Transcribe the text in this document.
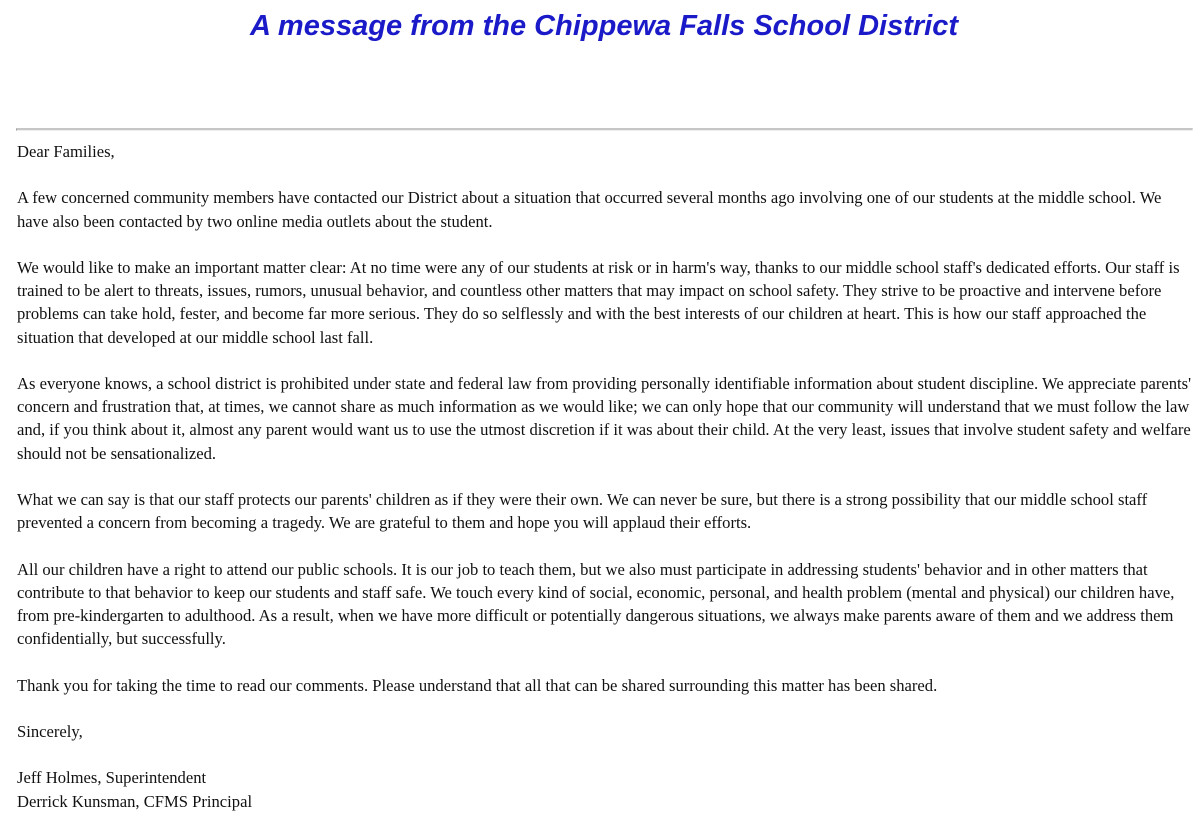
A message from the Chippewa Falls School District

Dear Families,

A few concerned community members have contacted our District about a situation that occurred several months ago involving one of our students at the middle school. We have also been contacted by two online media outlets about the student.

We would like to make an important matter clear: At no time were any of our students at risk or in harm's way, thanks to our middle school staff's dedicated efforts. Our staff is trained to be alert to threats, issues, rumors, unusual behavior, and countless other matters that may impact on school safety. They strive to be proactive and intervene before problems can take hold, fester, and become far more serious. They do so selflessly and with the best interests of our children at heart. This is how our staff approached the situation that developed at our middle school last fall.

As everyone knows, a school district is prohibited under state and federal law from providing personally identifiable information about student discipline. We appreciate parents' concern and frustration that, at times, we cannot share as much information as we would like; we can only hope that our community will understand that we must follow the law and, if you think about it, almost any parent would want us to use the utmost discretion if it was about their child. At the very least, issues that involve student safety and welfare should not be sensationalized.

What we can say is that our staff protects our parents' children as if they were their own. We can never be sure, but there is a strong possibility that our middle school staff prevented a concern from becoming a tragedy. We are grateful to them and hope you will applaud their efforts.

All our children have a right to attend our public schools. It is our job to teach them, but we also must participate in addressing students' behavior and in other matters that contribute to that behavior to keep our students and staff safe. We touch every kind of social, economic, personal, and health problem (mental and physical) our children have, from pre-kindergarten to adulthood. As a result, when we have more difficult or potentially dangerous situations, we always make parents aware of them and we address them confidentially, but successfully.

Thank you for taking the time to read our comments. Please understand that all that can be shared surrounding this matter has been shared.

Sincerely,

Jeff Holmes, Superintendent
Derrick Kunsman, CFMS Principal
